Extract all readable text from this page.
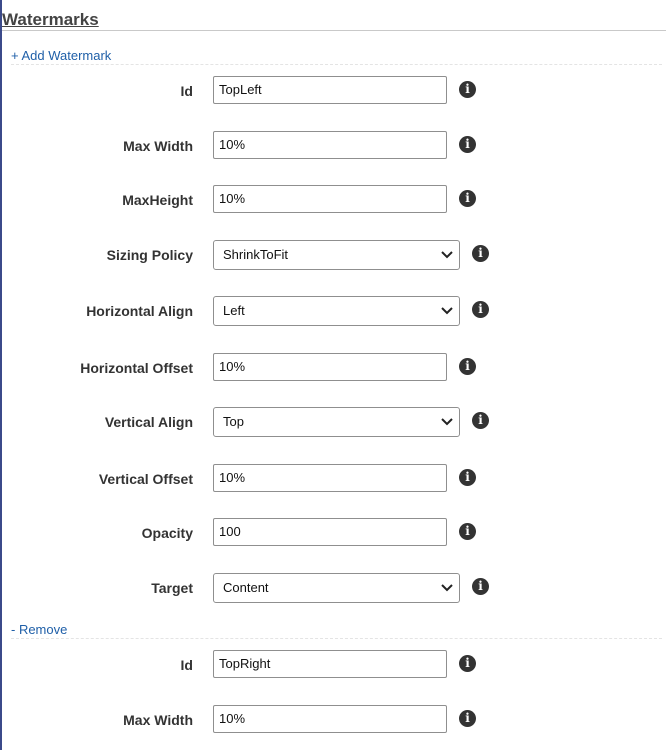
Watermarks
+ Add Watermark
Id	TopLeft	i
Max Width	10%	i
MaxHeight	10%	i
Sizing Policy	ShrinkToFit	i
Horizontal Align	Left	i
Horizontal Offset	10%	i
Vertical Align	Top	i
Vertical Offset	10%	i
Opacity	100	i
Target	Content	i
- Remove
Id	TopRight	i
Max Width	10%	i
